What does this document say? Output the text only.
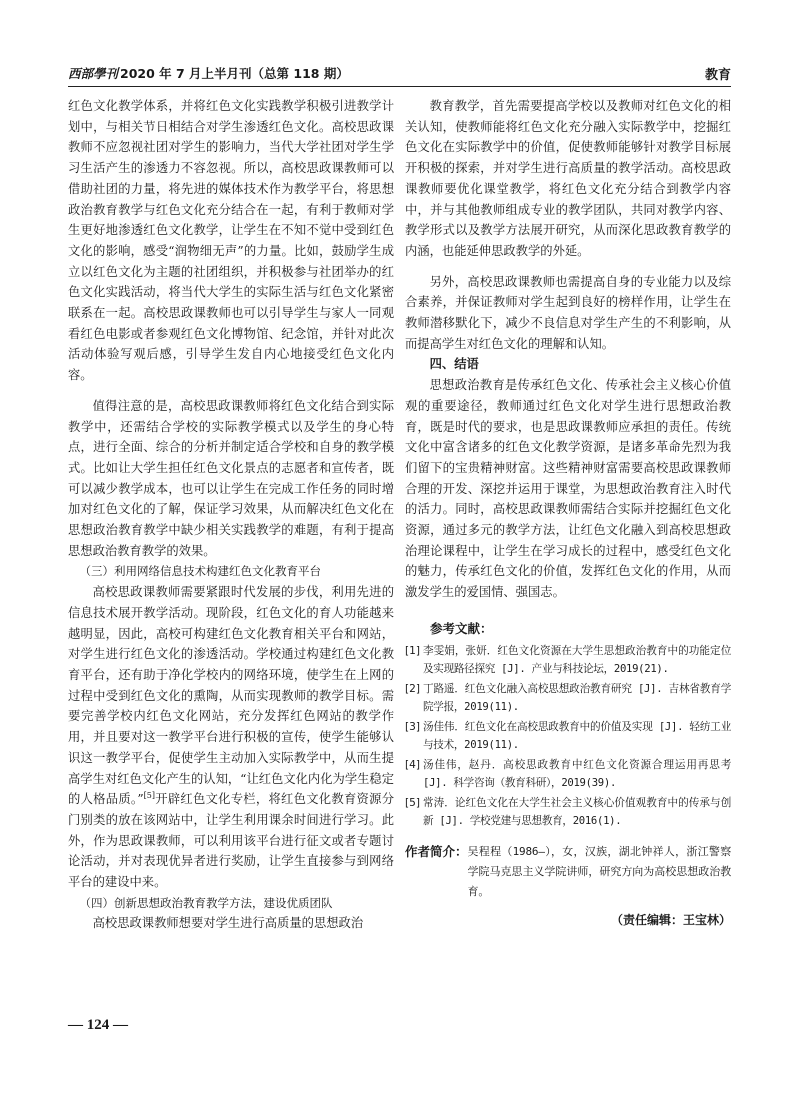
西部學刊 2020 年 7 月上半月刊（总第 118 期）	教育

红色文化教学体系，并将红色文化实践教学积极引进教学计划中，与相关节日相结合对学生渗透红色文化。高校思政课教师不应忽视社团对学生的影响力，当代大学社团对学生学习生活产生的渗透力不容忽视。所以，高校思政课教师可以借助社团的力量，将先进的媒体技术作为教学平台，将思想政治教育教学与红色文化充分结合在一起，有利于教师对学生更好地渗透红色文化教学，让学生在不知不觉中受到红色文化的影响，感受“润物细无声”的力量。比如，鼓励学生成立以红色文化为主题的社团组织，并积极参与社团举办的红色文化实践活动，将当代大学生的实际生活与红色文化紧密联系在一起。高校思政课教师也可以引导学生与家人一同观看红色电影或者参观红色文化博物馆、纪念馆，并针对此次活动体验写观后感，引导学生发自内心地接受红色文化内容。

值得注意的是，高校思政课教师将红色文化结合到实际教学中，还需结合学校的实际教学模式以及学生的身心特点，进行全面、综合的分析并制定适合学校和自身的教学模式。比如让大学生担任红色文化景点的志愿者和宣传者，既可以减少教学成本，也可以让学生在完成工作任务的同时增加对红色文化的了解，保证学习效果，从而解决红色文化在思想政治教育教学中缺少相关实践教学的难题，有利于提高思想政治教育教学的效果。

（三）利用网络信息技术构建红色文化教育平台

高校思政课教师需要紧跟时代发展的步伐，利用先进的信息技术展开教学活动。现阶段，红色文化的育人功能越来越明显，因此，高校可构建红色文化教育相关平台和网站，对学生进行红色文化的渗透活动。学校通过构建红色文化教育平台，还有助于净化学校内的网络环境，使学生在上网的过程中受到红色文化的熏陶，从而实现教师的教学目标。需要完善学校内红色文化网站，充分发挥红色网站的教学作用，并且要对这一教学平台进行积极的宣传，使学生能够认识这一教学平台，促使学生主动加入实际教学中，从而生提高学生对红色文化产生的认知，“让红色文化内化为学生稳定的人格品质。”[5]开辟红色文化专栏，将红色文化教育资源分门别类的放在该网站中，让学生利用课余时间进行学习。此外，作为思政课教师，可以利用该平台进行征文或者专题讨论活动，并对表现优异者进行奖励，让学生直接参与到网络平台的建设中来。

（四）创新思想政治教育教学方法，建设优质团队

高校思政课教师想要对学生进行高质量的思想政治

教育教学，首先需要提高学校以及教师对红色文化的相关认知，使教师能将红色文化充分融入实际教学中，挖掘红色文化在实际教学中的价值，促使教师能够针对教学目标展开积极的探索，并对学生进行高质量的教学活动。高校思政课教师要优化课堂教学，将红色文化充分结合到教学内容中，并与其他教师组成专业的教学团队，共同对教学内容、教学形式以及教学方法展开研究，从而深化思政教育教学的内涵，也能延伸思政教学的外延。

另外，高校思政课教师也需提高自身的专业能力以及综合素养，并保证教师对学生起到良好的榜样作用，让学生在教师潜移默化下，减少不良信息对学生产生的不利影响，从而提高学生对红色文化的理解和认知。

四、结语

思想政治教育是传承红色文化、传承社会主义核心价值观的重要途径，教师通过红色文化对学生进行思想政治教育，既是时代的要求，也是思政课教师应承担的责任。传统文化中富含诸多的红色文化教学资源，是诸多革命先烈为我们留下的宝贵精神财富。这些精神财富需要高校思政课教师合理的开发、深挖并运用于课堂，为思想政治教育注入时代的活力。同时，高校思政课教师需结合实际并挖掘红色文化资源，通过多元的教学方法，让红色文化融入到高校思想政治理论课程中，让学生在学习成长的过程中，感受红色文化的魅力，传承红色文化的价值，发挥红色文化的作用，从而激发学生的爱国情、强国志。

参考文献：

[1] 李雯娟，张妍．红色文化资源在大学生思想政治教育中的功能定位及实现路径探究 [J]. 产业与科技论坛，2019(21).
[2] 丁路遥．红色文化融入高校思想政治教育研究 [J]. 吉林省教育学院学报，2019(11).
[3] 汤佳伟．红色文化在高校思政教育中的价值及实现 [J]. 轻纺工业与技术，2019(11).
[4] 汤佳伟，赵丹．高校思政教育中红色文化资源合理运用再思考 [J]. 科学咨询（教育科研），2019(39).
[5] 常涛．论红色文化在大学生社会主义核心价值观教育中的传承与创新 [J]. 学校党建与思想教育，2016(1).
作者简介： 吴程程（1986—），女，汉族，湖北钟祥人，浙江警察学院马克思主义学院讲师，研究方向为高校思想政治教育。
（责任编辑：王宝林）
— 124 —
